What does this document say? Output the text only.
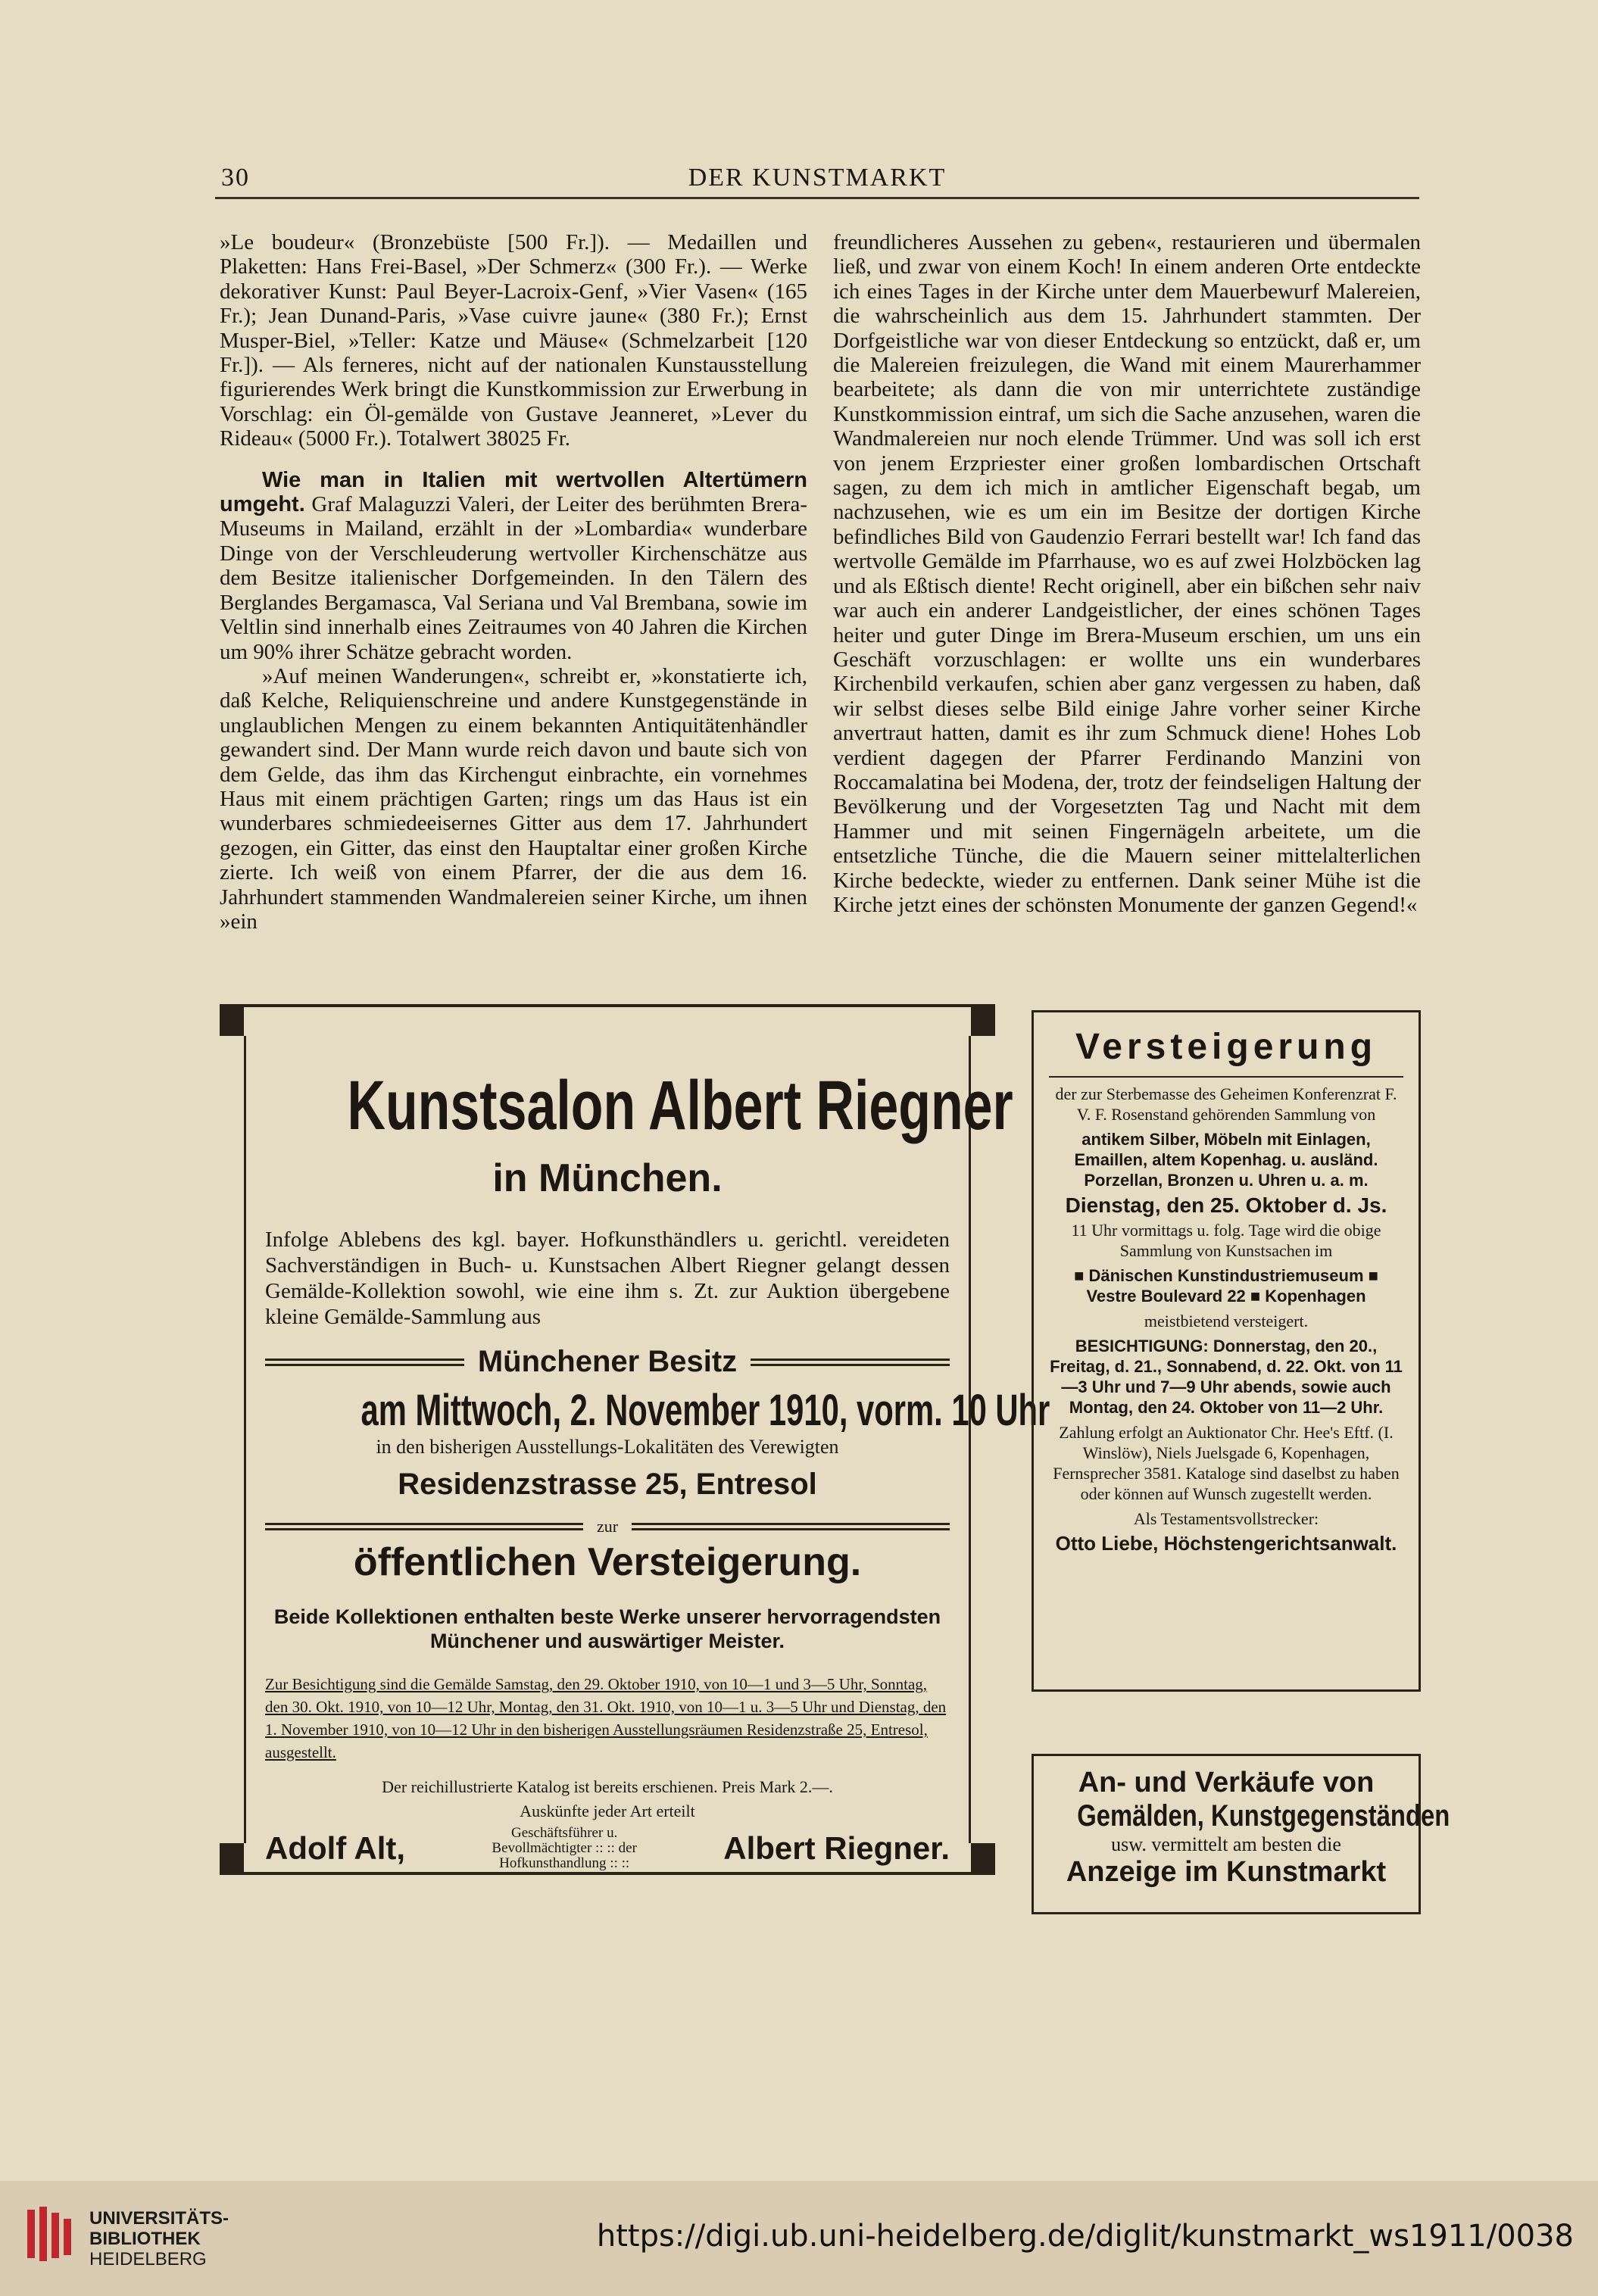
30	DER KUNSTMARKT

»Le boudeur« (Bronzebüste [500 Fr.]). — Medaillen und Plaketten: Hans Frei-Basel, »Der Schmerz« (300 Fr.). — Werke dekorativer Kunst: Paul Beyer-Lacroix-Genf, »Vier Vasen« (165 Fr.); Jean Dunand-Paris, »Vase cuivre jaune« (380 Fr.); Ernst Musper-Biel, »Teller: Katze und Mäuse« (Schmelzarbeit [120 Fr.]). — Als ferneres, nicht auf der nationalen Kunstausstellung figurierendes Werk bringt die Kunstkommission zur Erwerbung in Vorschlag: ein Öl-gemälde von Gustave Jeanneret, »Lever du Rideau« (5000 Fr.). Totalwert 38025 Fr.

Wie man in Italien mit wertvollen Altertümern umgeht. Graf Malaguzzi Valeri, der Leiter des berühmten Brera-Museums in Mailand, erzählt in der »Lombardia« wunderbare Dinge von der Verschleuderung wertvoller Kirchenschätze aus dem Besitze italienischer Dorfgemeinden. In den Tälern des Berglandes Bergamasca, Val Seriana und Val Brembana, sowie im Veltlin sind innerhalb eines Zeitraumes von 40 Jahren die Kirchen um 90% ihrer Schätze gebracht worden.

»Auf meinen Wanderungen«, schreibt er, »konstatierte ich, daß Kelche, Reliquienschreine und andere Kunstgegenstände in unglaublichen Mengen zu einem bekannten Antiquitätenhändler gewandert sind. Der Mann wurde reich davon und baute sich von dem Gelde, das ihm das Kirchengut einbrachte, ein vornehmes Haus mit einem prächtigen Garten; rings um das Haus ist ein wunderbares schmiedeeisernes Gitter aus dem 17. Jahrhundert gezogen, ein Gitter, das einst den Hauptaltar einer großen Kirche zierte. Ich weiß von einem Pfarrer, der die aus dem 16. Jahrhundert stammenden Wandmalereien seiner Kirche, um ihnen »ein

freundlicheres Aussehen zu geben«, restaurieren und übermalen ließ, und zwar von einem Koch! In einem anderen Orte entdeckte ich eines Tages in der Kirche unter dem Mauerbewurf Malereien, die wahrscheinlich aus dem 15. Jahrhundert stammten. Der Dorfgeistliche war von dieser Entdeckung so entzückt, daß er, um die Malereien freizulegen, die Wand mit einem Maurerhammer bearbeitete; als dann die von mir unterrichtete zuständige Kunstkommission eintraf, um sich die Sache anzusehen, waren die Wandmalereien nur noch elende Trümmer. Und was soll ich erst von jenem Erzpriester einer großen lombardischen Ortschaft sagen, zu dem ich mich in amtlicher Eigenschaft begab, um nachzusehen, wie es um ein im Besitze der dortigen Kirche befindliches Bild von Gaudenzio Ferrari bestellt war! Ich fand das wertvolle Gemälde im Pfarrhause, wo es auf zwei Holzböcken lag und als Eßtisch diente! Recht originell, aber ein bißchen sehr naiv war auch ein anderer Landgeistlicher, der eines schönen Tages heiter und guter Dinge im Brera-Museum erschien, um uns ein Geschäft vorzuschlagen: er wollte uns ein wunderbares Kirchenbild verkaufen, schien aber ganz vergessen zu haben, daß wir selbst dieses selbe Bild einige Jahre vorher seiner Kirche anvertraut hatten, damit es ihr zum Schmuck diene! Hohes Lob verdient dagegen der Pfarrer Ferdinando Manzini von Roccamalatina bei Modena, der, trotz der feindseligen Haltung der Bevölkerung und der Vorgesetzten Tag und Nacht mit dem Hammer und mit seinen Fingernägeln arbeitete, um die entsetzliche Tünche, die die Mauern seiner mittelalterlichen Kirche bedeckte, wieder zu entfernen. Dank seiner Mühe ist die Kirche jetzt eines der schönsten Monumente der ganzen Gegend!«

Kunstsalon Albert Riegner
in München.
Infolge Ablebens des kgl. bayer. Hofkunsthändlers u. gerichtl. vereideten Sachverständigen in Buch- u. Kunstsachen Albert Riegner gelangt dessen Gemälde-Kollektion sowohl, wie eine ihm s. Zt. zur Auktion übergebene kleine Gemälde-Sammlung aus
Münchener Besitz
am Mittwoch, 2. November 1910, vorm. 10 Uhr
in den bisherigen Ausstellungs-Lokalitäten des Verewigten
Residenzstrasse 25, Entresol
zur
öffentlichen Versteigerung.
Beide Kollektionen enthalten beste Werke unserer hervorragendsten Münchener und auswärtiger Meister.
Zur Besichtigung sind die Gemälde Samstag, den 29. Oktober 1910, von 10—1 und 3—5 Uhr, Sonntag, den 30. Okt. 1910, von 10—12 Uhr, Montag, den 31. Okt. 1910, von 10—1 u. 3—5 Uhr und Dienstag, den 1. November 1910, von 10—12 Uhr in den bisherigen Ausstellungsräumen Residenzstraße 25, Entresol, ausgestellt.
Der reichillustrierte Katalog ist bereits erschienen. Preis Mark 2.—.
Auskünfte jeder Art erteilt
Adolf Alt,	Geschäftsführer u. Bevollmächtigter :: :: der Hofkunsthandlung :: ::	Albert Riegner.
Versteigerung

der zur Sterbemasse des Geheimen Konferenzrat F. V. F. Rosenstand gehörenden Sammlung von

antikem Silber, Möbeln mit Einlagen, Emaillen, altem Kopenhag. u. ausländ. Porzellan, Bronzen u. Uhren u. a. m.

Dienstag, den 25. Oktober d. Js.

11 Uhr vormittags u. folg. Tage wird die obige Sammlung von Kunstsachen im

■ Dänischen Kunstindustriemuseum ■ Vestre Boulevard 22 ■ Kopenhagen

meistbietend versteigert.

BESICHTIGUNG: Donnerstag, den 20., Freitag, d. 21., Sonnabend, d. 22. Okt. von 11—3 Uhr und 7—9 Uhr abends, sowie auch Montag, den 24. Oktober von 11—2 Uhr.

Zahlung erfolgt an Auktionator Chr. Hee's Eftf. (I. Winslöw), Niels Juelsgade 6, Kopenhagen, Fernsprecher 3581. Kataloge sind daselbst zu haben oder können auf Wunsch zugestellt werden.

Als Testamentsvollstrecker:

Otto Liebe, Höchstengerichtsanwalt.

An- und Verkäufe von
Gemälden, Kunstgegenständen
usw. vermittelt am besten die
Anzeige im Kunstmarkt
UNIVERSITÄTS-
BIBLIOTHEK
HEIDELBERG
https://digi.ub.uni-heidelberg.de/diglit/kunstmarkt_ws1911/0038
